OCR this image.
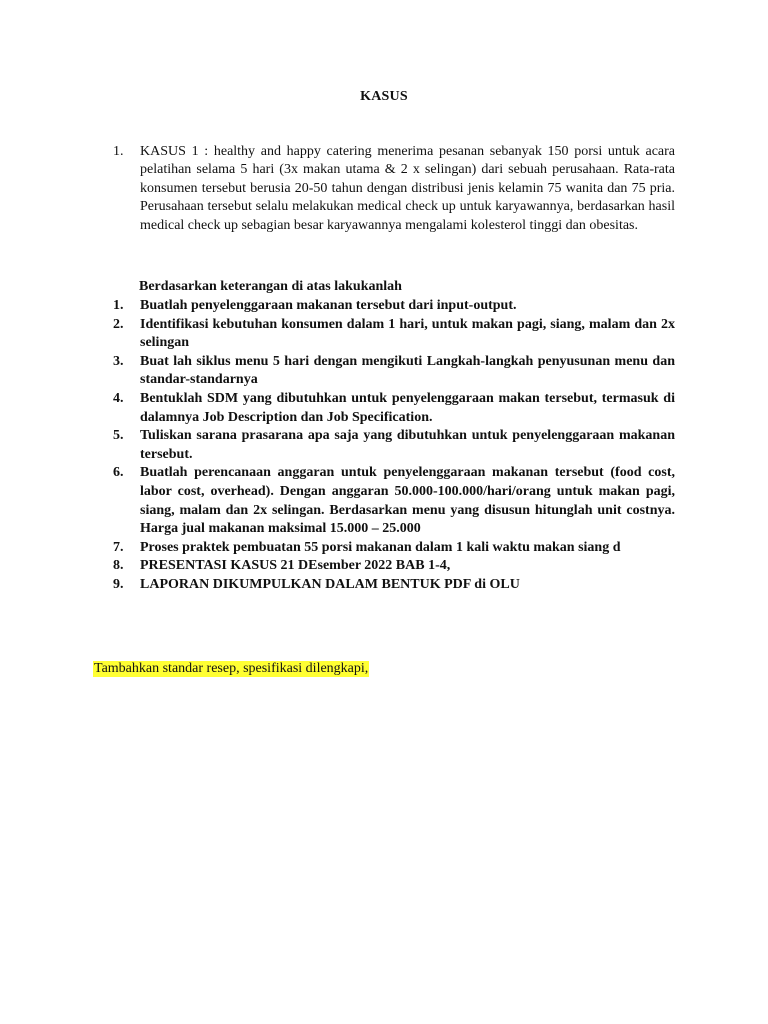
KASUS
1. KASUS 1 : healthy and happy catering menerima pesanan sebanyak 150 porsi untuk acara pelatihan selama 5 hari (3x makan utama & 2 x selingan) dari sebuah perusahaan. Rata-rata konsumen tersebut berusia 20-50 tahun dengan distribusi jenis kelamin 75 wanita dan 75 pria. Perusahaan tersebut selalu melakukan medical check up untuk karyawannya, berdasarkan hasil medical check up sebagian besar karyawannya mengalami kolesterol tinggi dan obesitas.
Berdasarkan keterangan di atas lakukanlah
1.	Buatlah penyelenggaraan makanan tersebut dari input-output.
2.	Identifikasi kebutuhan konsumen dalam 1 hari, untuk makan pagi, siang, malam dan 2x selingan
3.	Buat lah siklus menu 5 hari dengan mengikuti Langkah-langkah penyusunan menu dan standar-standarnya
4.	Bentuklah SDM yang dibutuhkan untuk penyelenggaraan makan tersebut, termasuk di dalamnya Job Description dan Job Specification.
5.	Tuliskan sarana prasarana apa saja yang dibutuhkan untuk penyelenggaraan makanan tersebut.
6.	Buatlah perencanaan anggaran untuk penyelenggaraan makanan tersebut (food cost, labor cost, overhead). Dengan anggaran 50.000-100.000/hari/orang untuk makan pagi, siang, malam dan 2x selingan. Berdasarkan menu yang disusun hitunglah unit costnya. Harga jual makanan maksimal 15.000 – 25.000
7.	Proses praktek pembuatan 55 porsi makanan dalam 1 kali waktu makan siang d
8.	PRESENTASI KASUS 21 DEsember 2022 BAB 1-4,
9.	LAPORAN DIKUMPULKAN DALAM BENTUK PDF di OLU
Tambahkan standar resep, spesifikasi dilengkapi,
